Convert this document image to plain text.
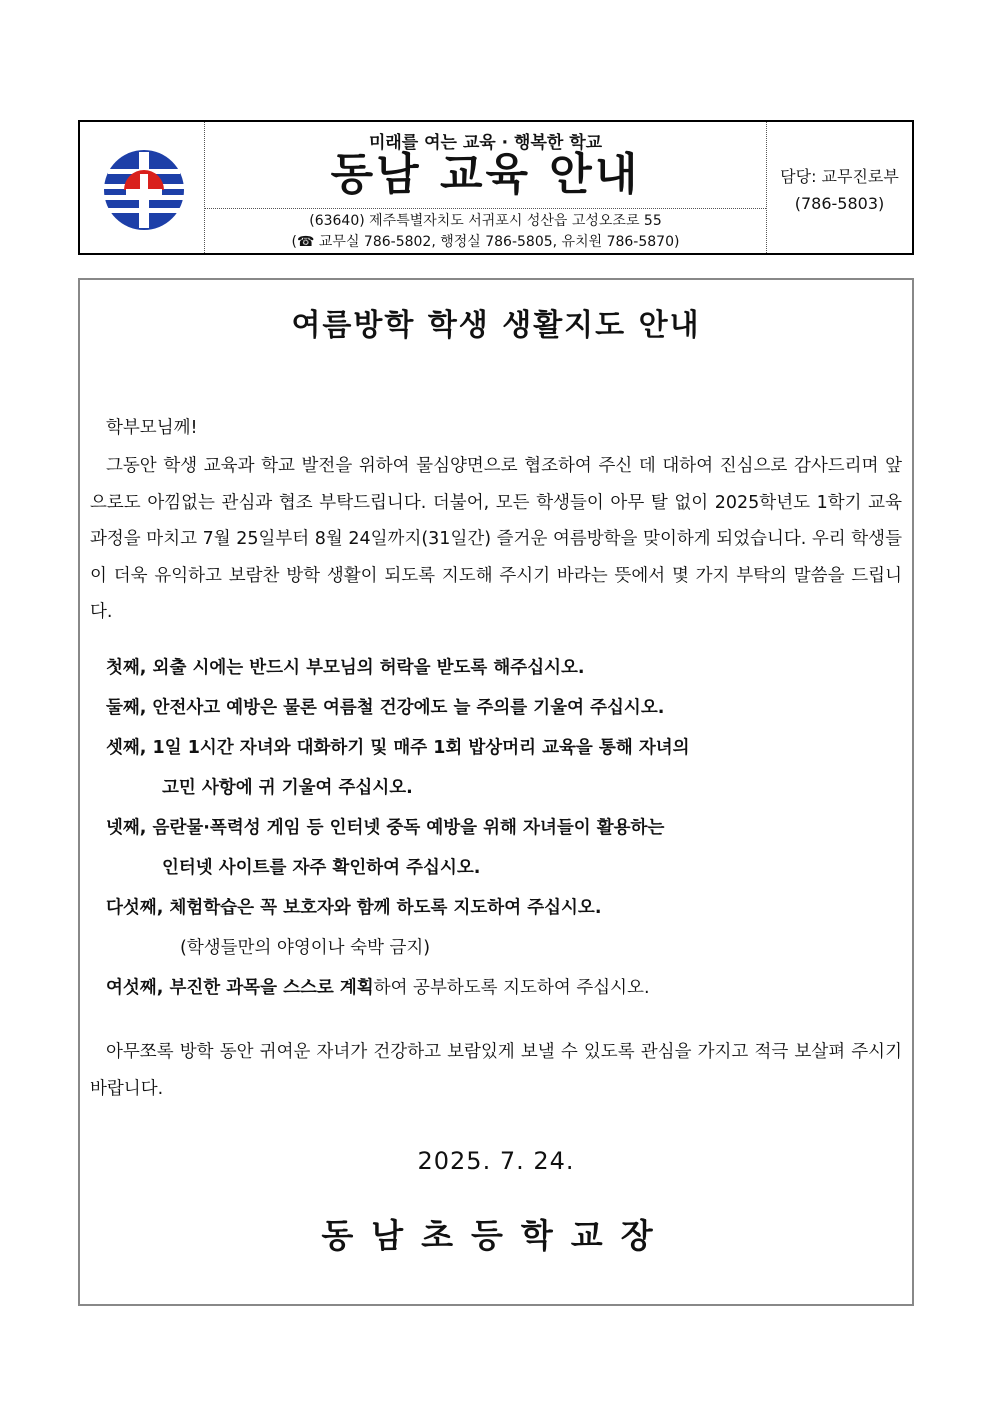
미래를 여는 교육 · 행복한 학교
동남 교육 안내
(63640) 제주특별자치도 서귀포시 성산읍 고성오조로 55
(☎ 교무실 786-5802, 행정실 786-5805, 유치원 786-5870)
담당: 교무진로부
(786-5803)
여름방학 학생 생활지도 안내
학부모님께!
그동안 학생 교육과 학교 발전을 위하여 물심양면으로 협조하여 주신 데 대하여 진심으로 감사드리며 앞으로도 아낌없는 관심과 협조 부탁드립니다. 더불어, 모든 학생들이 아무 탈 없이 2025학년도 1학기 교육과정을 마치고 7월 25일부터 8월 24일까지(31일간) 즐거운 여름방학을 맞이하게 되었습니다. 우리 학생들이 더욱 유익하고 보람찬 방학 생활이 되도록 지도해 주시기 바라는 뜻에서 몇 가지 부탁의 말씀을 드립니다.
첫째, 외출 시에는 반드시 부모님의 허락을 받도록 해주십시오.
둘째, 안전사고 예방은 물론 여름철 건강에도 늘 주의를 기울여 주십시오.
셋째, 1일 1시간 자녀와 대화하기 및 매주 1회 밥상머리 교육을 통해 자녀의
고민 사항에 귀 기울여 주십시오.
넷째, 음란물·폭력성 게임 등 인터넷 중독 예방을 위해 자녀들이 활용하는
인터넷 사이트를 자주 확인하여 주십시오.
다섯째, 체험학습은 꼭 보호자와 함께 하도록 지도하여 주십시오.
(학생들만의 야영이나 숙박 금지)
여섯째, 부진한 과목을 스스로 계획하여 공부하도록 지도하여 주십시오.
아무쪼록 방학 동안 귀여운 자녀가 건강하고 보람있게 보낼 수 있도록 관심을 가지고 적극 보살펴 주시기 바랍니다.
2025. 7. 24.
동남초등학교장
